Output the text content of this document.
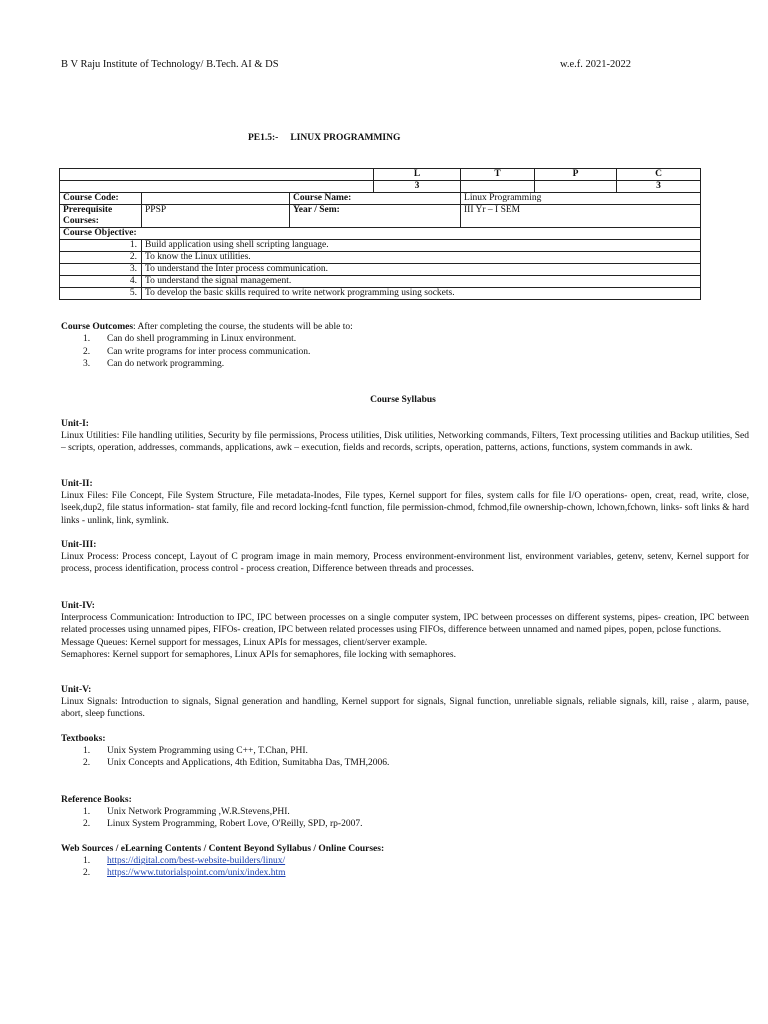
B V Raju Institute of Technology/ B.Tech. AI & DS	w.e.f. 2021-2022
PE1.5:- LINUX PROGRAMMING
			L	T	P	C
			3			3
Course Code:		Course Name:		Linux Programming		
Prerequisite
Courses:	PPSP	Year / Sem:		III Yr – I SEM		
Course Objective:						
1.	Build application using shell scripting language.					
2.	To know the Linux utilities.					
3.	To understand the Inter process communication.					
4.	To understand the signal management.					
5.	To develop the basic skills required to write network programming using sockets.					
Course Outcomes: After completing the course, the students will be able to:
1.	Can do shell programming in Linux environment.
2.	Can write programs for inter process communication.
3.	Can do network programming.
Course Syllabus
Unit-I:
Linux Utilities: File handling utilities, Security by file permissions, Process utilities, Disk utilities, Networking commands, Filters, Text processing utilities and Backup utilities, Sed – scripts, operation, addresses, commands, applications, awk – execution, fields and records, scripts, operation, patterns, actions, functions, system commands in awk.
Unit-II:
Linux Files: File Concept, File System Structure, File metadata-Inodes, File types, Kernel support for files, system calls for file I/O operations- open, creat, read, write, close, lseek,dup2, file status information- stat family, file and record locking-fcntl function, file permission-chmod, fchmod,file ownership-chown, lchown,fchown, links- soft links & hard links - unlink, link, symlink.
Unit-III:
Linux Process: Process concept, Layout of C program image in main memory, Process environment-environment list, environment variables, getenv, setenv, Kernel support for process, process identification, process control - process creation, Difference between threads and processes.
Unit-IV:
Interprocess Communication: Introduction to IPC, IPC between processes on a single computer system, IPC between processes on different systems, pipes- creation, IPC between related processes using unnamed pipes, FIFOs- creation, IPC between related processes using FIFOs, difference between unnamed and named pipes, popen, pclose functions.
Message Queues: Kernel support for messages, Linux APIs for messages, client/server example.
Semaphores: Kernel support for semaphores, Linux APIs for semaphores, file locking with semaphores.
Unit-V:
Linux Signals: Introduction to signals, Signal generation and handling, Kernel support for signals, Signal function, unreliable signals, reliable signals, kill, raise , alarm, pause, abort, sleep functions.
Textbooks:
1.	Unix System Programming using C++, T.Chan, PHI.
2.	Unix Concepts and Applications, 4th Edition, Sumitabha Das, TMH,2006.
Reference Books:
1.	Unix Network Programming ,W.R.Stevens,PHI.
2.	Linux System Programming, Robert Love, O'Reilly, SPD, rp-2007.
Web Sources / eLearning Contents / Content Beyond Syllabus / Online Courses:
1.	https://digital.com/best-website-builders/linux/
2.	https://www.tutorialspoint.com/unix/index.htm
